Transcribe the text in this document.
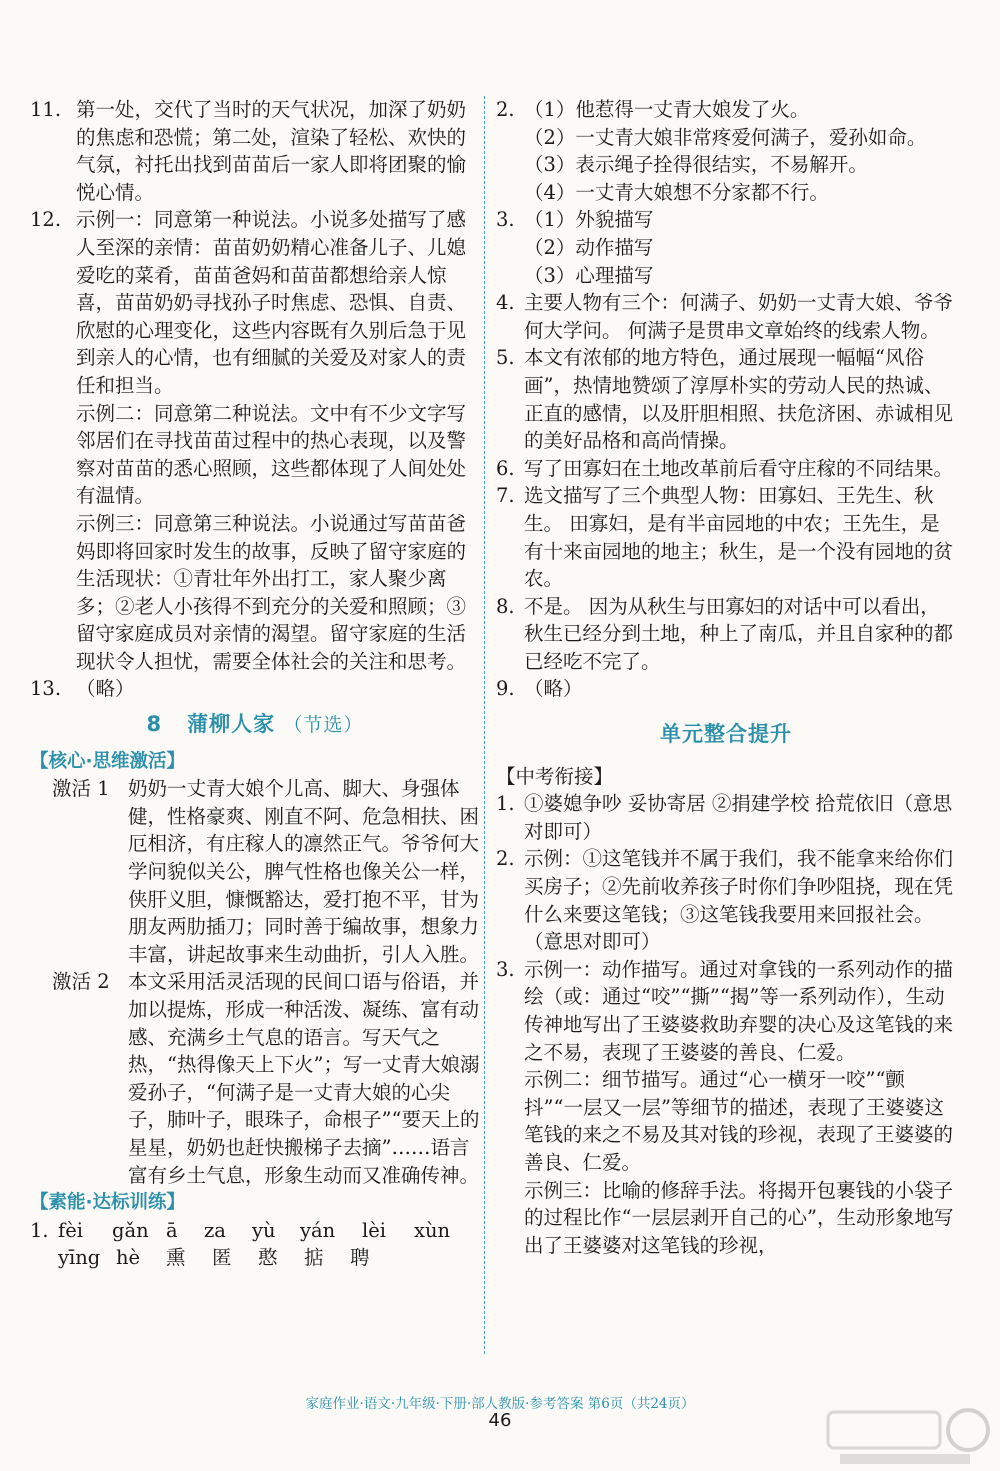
11. 第一处，交代了当时的天气状况，加深了奶奶的焦虑和恐慌；第二处，渲染了轻松、欢快的气氛，衬托出找到苗苗后一家人即将团聚的愉悦心情。
12. 示例一：同意第一种说法。小说多处描写了感人至深的亲情：苗苗奶奶精心准备儿子、儿媳爱吃的菜肴，苗苗爸妈和苗苗都想给亲人惊喜，苗苗奶奶寻找孙子时焦虑、恐惧、自责、欣慰的心理变化，这些内容既有久别后急于见到亲人的心情，也有细腻的关爱及对家人的责任和担当。

示例二：同意第二种说法。文中有不少文字写邻居们在寻找苗苗过程中的热心表现，以及警察对苗苗的悉心照顾，这些都体现了人间处处有温情。

示例三：同意第三种说法。小说通过写苗苗爸妈即将回家时发生的故事，反映了留守家庭的生活现状：①青壮年外出打工，家人聚少离多；②老人小孩得不到充分的关爱和照顾；③留守家庭成员对亲情的渴望。留守家庭的生活现状令人担忧，需要全体社会的关注和思考。

13. （略）
8 蒲柳人家 （节选）
【核心·思维激活】
激活 1 奶奶一丈青大娘个儿高、脚大、身强体健，性格豪爽、刚直不阿、危急相扶、困厄相济，有庄稼人的凛然正气。爷爷何大学问貌似关公，脾气性格也像关公一样，侠肝义胆，慷慨豁达，爱打抱不平，甘为朋友两肋插刀；同时善于编故事，想象力丰富，讲起故事来生动曲折，引人入胜。
激活 2 本文采用活灵活现的民间口语与俗语，并加以提炼，形成一种活泼、凝练、富有动感、充满乡土气息的语言。写天气之热，“热得像天上下火”；写一丈青大娘溺爱孙子，“何满子是一丈青大娘的心尖子，肺叶子，眼珠子，命根子”“要天上的星星，奶奶也赶快搬梯子去摘”……语言富有乡土气息，形象生动而又准确传神。
【素能·达标训练】
1. fèi	gǎn ā	za	yù	yán	lèi	xùn
yīng hè	熏	匿	憨	掂	聘
2. （1）他惹得一丈青大娘发了火。

（2）一丈青大娘非常疼爱何满子，爱孙如命。

（3）表示绳子拴得很结实，不易解开。

（4）一丈青大娘想不分家都不行。

3. （1）外貌描写

（2）动作描写

（3）心理描写

4. 主要人物有三个：何满子、奶奶一丈青大娘、爷爷何大学问。 何满子是贯串文章始终的线索人物。
5. 本文有浓郁的地方特色，通过展现一幅幅“风俗画”，热情地赞颂了淳厚朴实的劳动人民的热诚、正直的感情，以及肝胆相照、扶危济困、赤诚相见的美好品格和高尚情操。
6. 写了田寡妇在土地改革前后看守庄稼的不同结果。
7. 选文描写了三个典型人物：田寡妇、王先生、秋生。 田寡妇，是有半亩园地的中农；王先生，是有十来亩园地的地主；秋生，是一个没有园地的贫农。
8. 不是。 因为从秋生与田寡妇的对话中可以看出，秋生已经分到土地，种上了南瓜，并且自家种的都已经吃不完了。
9. （略）
单元整合提升
【中考衔接】
1. ①婆媳争吵 妥协寄居 ②捐建学校 拾荒依旧（意思对即可）
2. 示例：①这笔钱并不属于我们，我不能拿来给你们买房子；②先前收养孩子时你们争吵阻挠，现在凭什么来要这笔钱；③这笔钱我要用来回报社会。（意思对即可）
3. 示例一：动作描写。通过对拿钱的一系列动作的描绘（或：通过“咬”“撕”“揭”等一系列动作），生动传神地写出了王婆婆救助弃婴的决心及这笔钱的来之不易，表现了王婆婆的善良、仁爱。

示例二：细节描写。通过“心一横牙一咬”“颤抖”“一层又一层”等细节的描述，表现了王婆婆这笔钱的来之不易及其对钱的珍视，表现了王婆婆的善良、仁爱。

示例三：比喻的修辞手法。将揭开包裹钱的小袋子的过程比作“一层层剥开自己的心”，生动形象地写出了王婆婆对这笔钱的珍视，

家庭作业·语文·九年级·下册·部人教版·参考答案 第6页（共24页）
46
